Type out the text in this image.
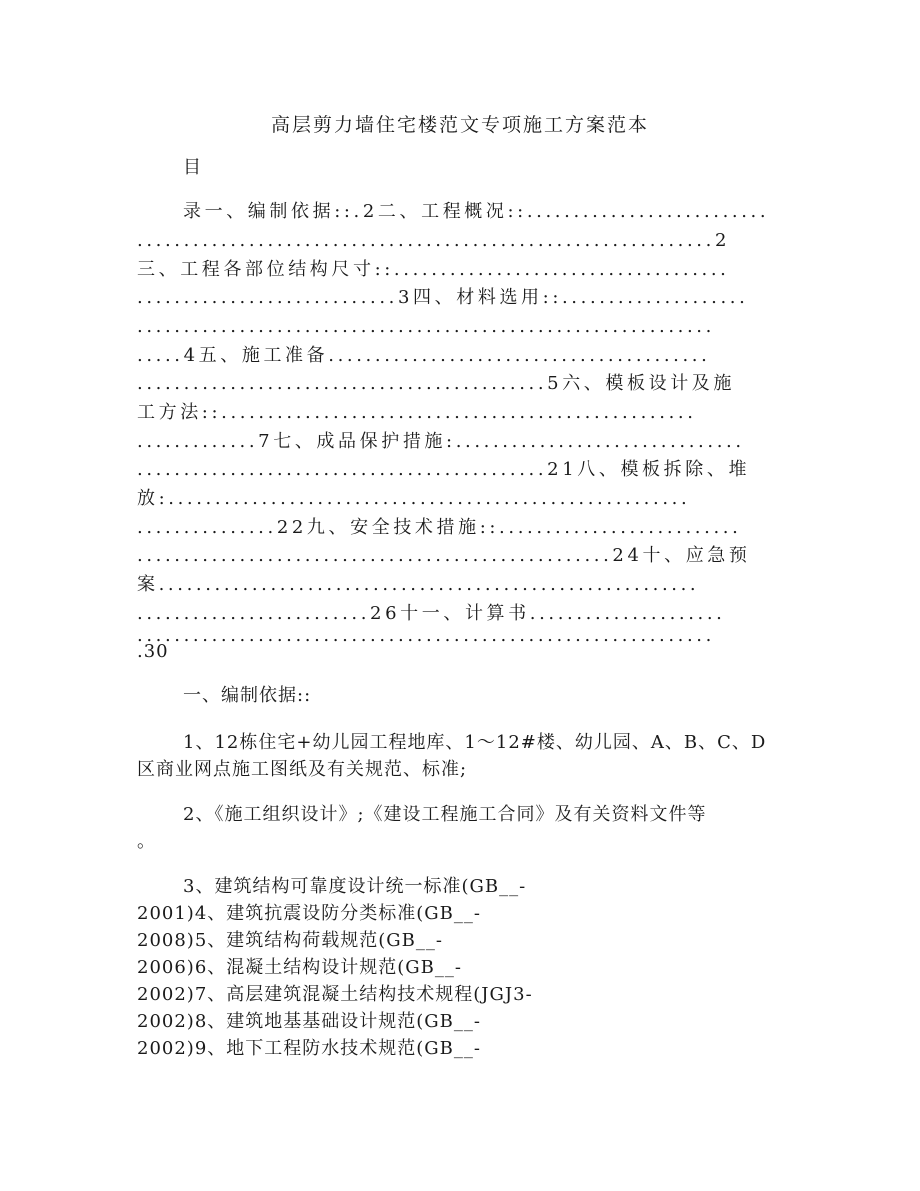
高层剪力墙住宅楼范文专项施工方案范本
目
录一、编制依据::.2二、工程概况::..........................
..............................................................2
三、工程各部位结构尺寸::....................................
............................3四、材料选用::....................
..............................................................
.....4五、施工准备.........................................
............................................5六、模板设计及施
工方法::...................................................
.............7七、成品保护措施:...............................
............................................21八、模板拆除、堆
放:........................................................
...............22九、安全技术措施::..........................
...................................................24十、应急预
案..........................................................
.........................26十一、计算书.....................
..............................................................
.30
一、编制依据::
1、12栋住宅+幼儿园工程地库、1～12#楼、幼儿园、A、B、C、D
区商业网点施工图纸及有关规范、标准;
2、《施工组织设计》;《建设工程施工合同》及有关资料文件等
。
3、建筑结构可靠度设计统一标准(GB__-
2001)4、建筑抗震设防分类标准(GB__-
2008)5、建筑结构荷载规范(GB__-
2006)6、混凝土结构设计规范(GB__-
2002)7、高层建筑混凝土结构技术规程(JGJ3-
2002)8、建筑地基基础设计规范(GB__-
2002)9、地下工程防水技术规范(GB__-
